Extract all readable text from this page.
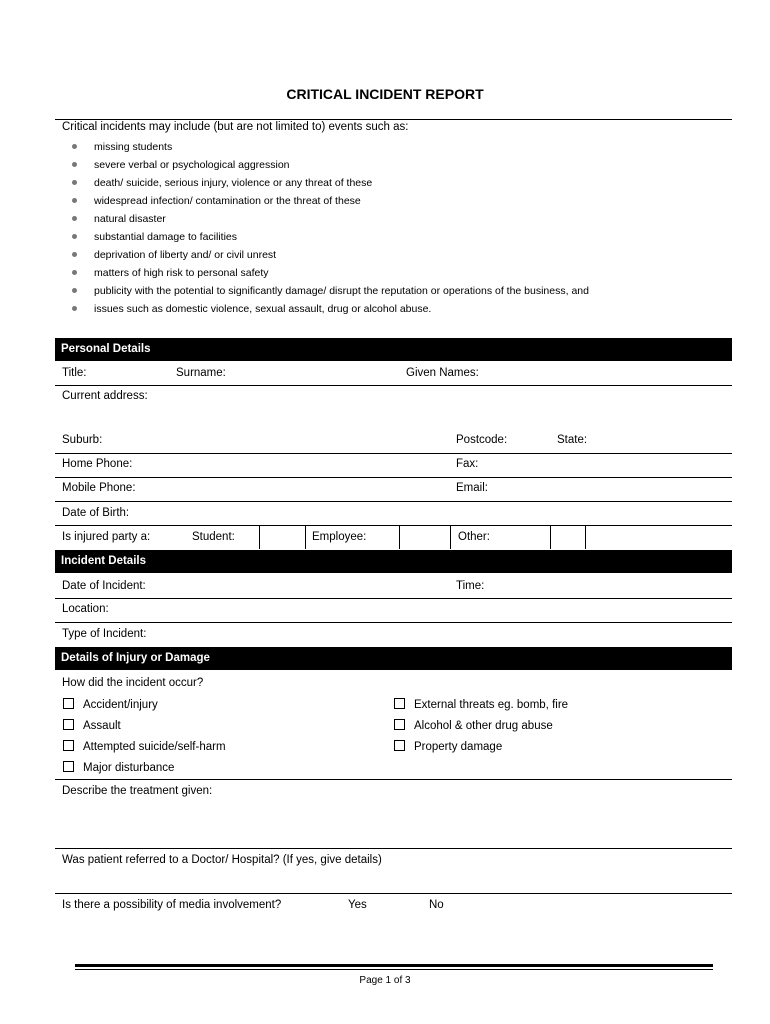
CRITICAL INCIDENT REPORT
Critical incidents may include (but are not limited to) events such as:
missing students
severe verbal or psychological aggression
death/ suicide, serious injury, violence or any threat of these
widespread infection/ contamination or the threat of these
natural disaster
substantial damage to facilities
deprivation of liberty and/ or civil unrest
matters of high risk to personal safety
publicity with the potential to significantly damage/ disrupt the reputation or operations of the business, and
issues such as domestic violence, sexual assault, drug or alcohol abuse.
Personal Details
Title:	Surname:	Given Names:
Current address:
Suburb:	Postcode:	State:
Home Phone:	Fax:
Mobile Phone:	Email:
Date of Birth:
Is injured party a:	Student:	Employee:	Other:
Incident Details
Date of Incident:	Time:
Location:
Type of Incident:
Details of Injury or Damage
How did the incident occur?
Accident/injury
Assault
Attempted suicide/self-harm
Major disturbance
External threats eg. bomb, fire
Alcohol & other drug abuse
Property damage
Describe the treatment given:
Was patient referred to a Doctor/ Hospital? (If yes, give details)
Is there a possibility of media involvement?	Yes	No
Page 1 of 3
